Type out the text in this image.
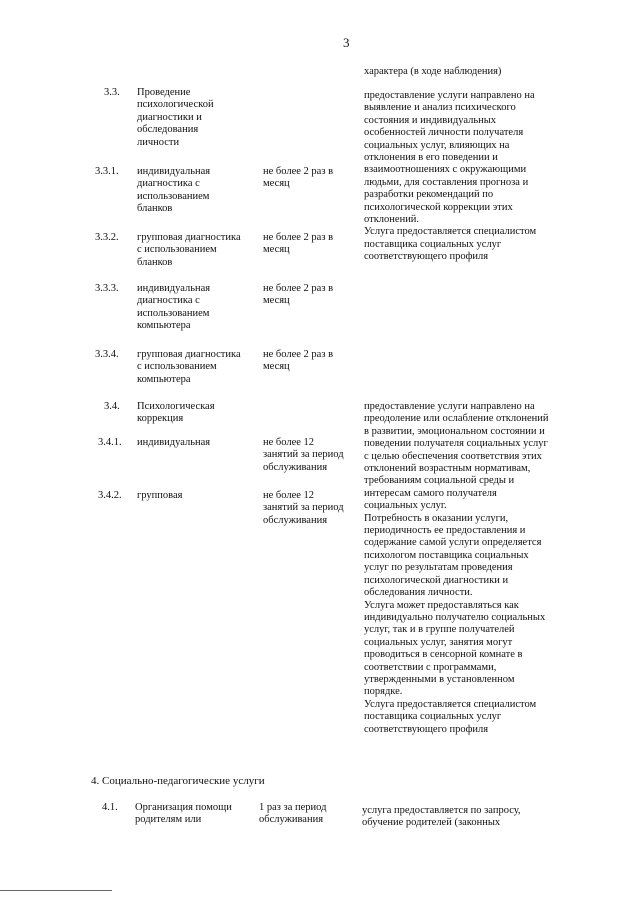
3
характера (в ходе наблюдения)
3.3. Проведение
психологической
диагностики и
обследования
личности
предоставление услуги направлено на
выявление и анализ психического
состояния и индивидуальных
особенностей личности получателя
социальных услуг, влияющих на
отклонения в его поведении и
взаимоотношениях с окружающими
людьми, для составления прогноза и
разработки рекомендаций по
психологической коррекции этих
отклонений.
Услуга предоставляется специалистом
поставщика социальных услуг
соответствующего профиля
3.3.1. индивидуальная
диагностика с
использованием
бланков
не более 2 раз в
месяц
3.3.2. групповая диагностика
с использованием
бланков
не более 2 раз в
месяц
3.3.3. индивидуальная
диагностика с
использованием
компьютера
не более 2 раз в
месяц
3.3.4. групповая диагностика
с использованием
компьютера
не более 2 раз в
месяц
3.4. Психологическая
коррекция
предоставление услуги направлено на
преодоление или ослабление отклонений
в развитии, эмоциональном состоянии и
поведении получателя социальных услуг
с целью обеспечения соответствия этих
отклонений возрастным нормативам,
требованиям социальной среды и
интересам самого получателя
социальных услуг.
Потребность в оказании услуги,
периодичность ее предоставления и
содержание самой услуги определяется
психологом поставщика социальных
услуг по результатам проведения
психологической диагностики и
обследования личности.
Услуга может предоставляться как
индивидуально получателю социальных
услуг, так и в группе получателей
социальных услуг, занятия могут
проводиться в сенсорной комнате в
соответствии с программами,
утвержденными в установленном
порядке.
Услуга предоставляется специалистом
поставщика социальных услуг
соответствующего профиля
3.4.1. индивидуальная	не более 12
занятий за период
обслуживания
3.4.2. групповая	не более 12
занятий за период
обслуживания
4. Социально-педагогические услуги
4.1. Организация помощи
родителям или
1 раз за период
обслуживания
услуга предоставляется по запросу,
обучение родителей (законных
